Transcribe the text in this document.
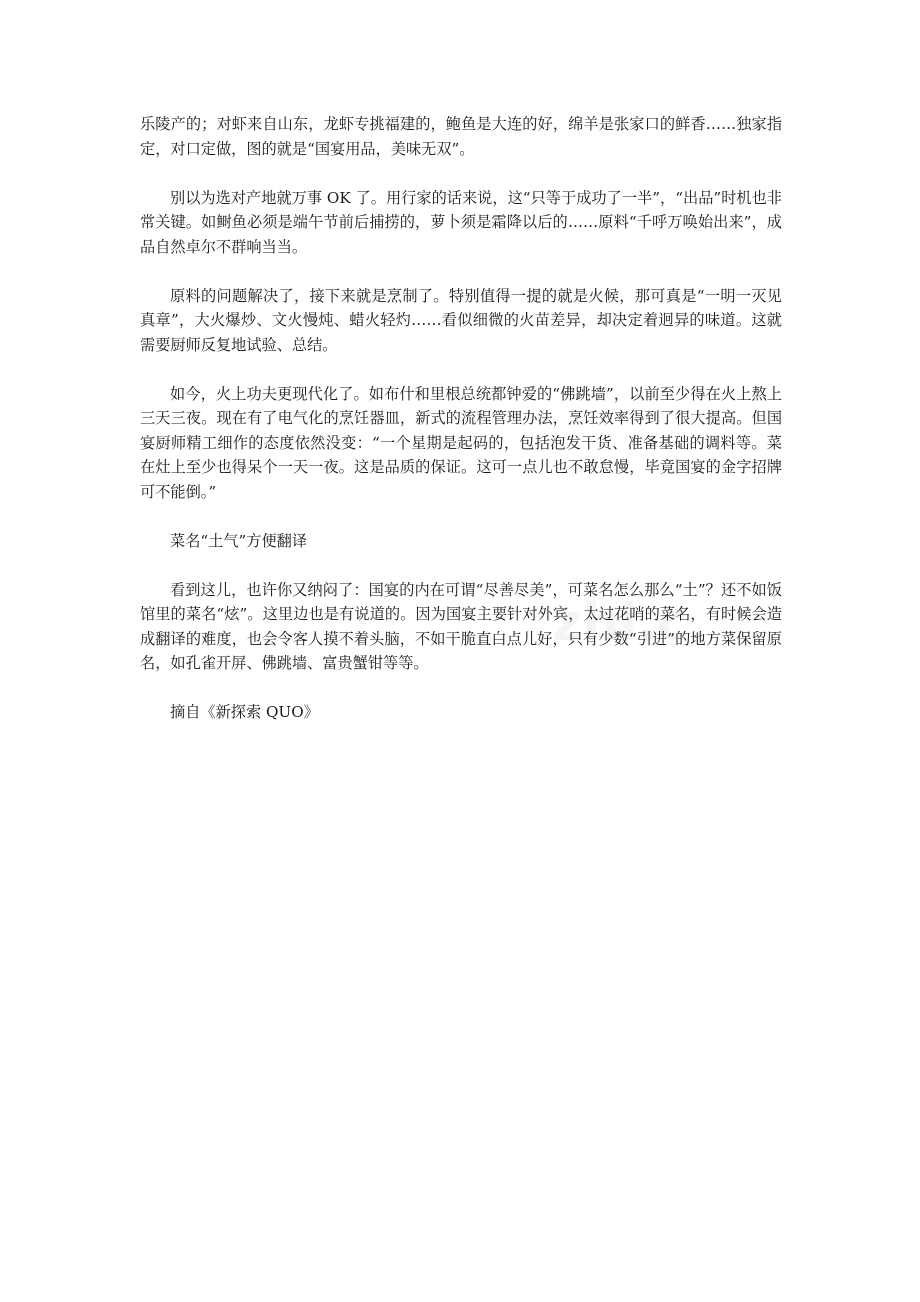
乐陵产的；对虾来自山东，龙虾专挑福建的，鲍鱼是大连的好，绵羊是张家口的鲜香……独家指定，对口定做，图的就是“国宴用品，美味无双”。

别以为选对产地就万事 OK 了。用行家的话来说，这“只等于成功了一半”，“出品”时机也非常关键。如鲥鱼必须是端午节前后捕捞的，萝卜须是霜降以后的……原料“千呼万唤始出来”，成品自然卓尔不群响当当。

原料的问题解决了，接下来就是烹制了。特别值得一提的就是火候，那可真是“一明一灭见真章”，大火爆炒、文火慢炖、蜡火轻灼……看似细微的火苗差异，却决定着迥异的味道。这就需要厨师反复地试验、总结。

如今，火上功夫更现代化了。如布什和里根总统都钟爱的“佛跳墙”，以前至少得在火上熬上三天三夜。现在有了电气化的烹饪器皿，新式的流程管理办法，烹饪效率得到了很大提高。但国宴厨师精工细作的态度依然没变：“一个星期是起码的，包括泡发干货、准备基础的调料等。菜在灶上至少也得呆个一天一夜。这是品质的保证。这可一点儿也不敢怠慢，毕竟国宴的金字招牌可不能倒。”

菜名“土气”方便翻译

看到这儿，也许你又纳闷了：国宴的内在可谓“尽善尽美”，可菜名怎么那么“土”？还不如饭馆里的菜名“炫”。这里边也是有说道的。因为国宴主要针对外宾，太过花哨的菜名，有时候会造成翻译的难度，也会令客人摸不着头脑，不如干脆直白点儿好，只有少数“引进”的地方菜保留原名，如孔雀开屏、佛跳墙、富贵蟹钳等等。

摘自《新探索 QUO》
